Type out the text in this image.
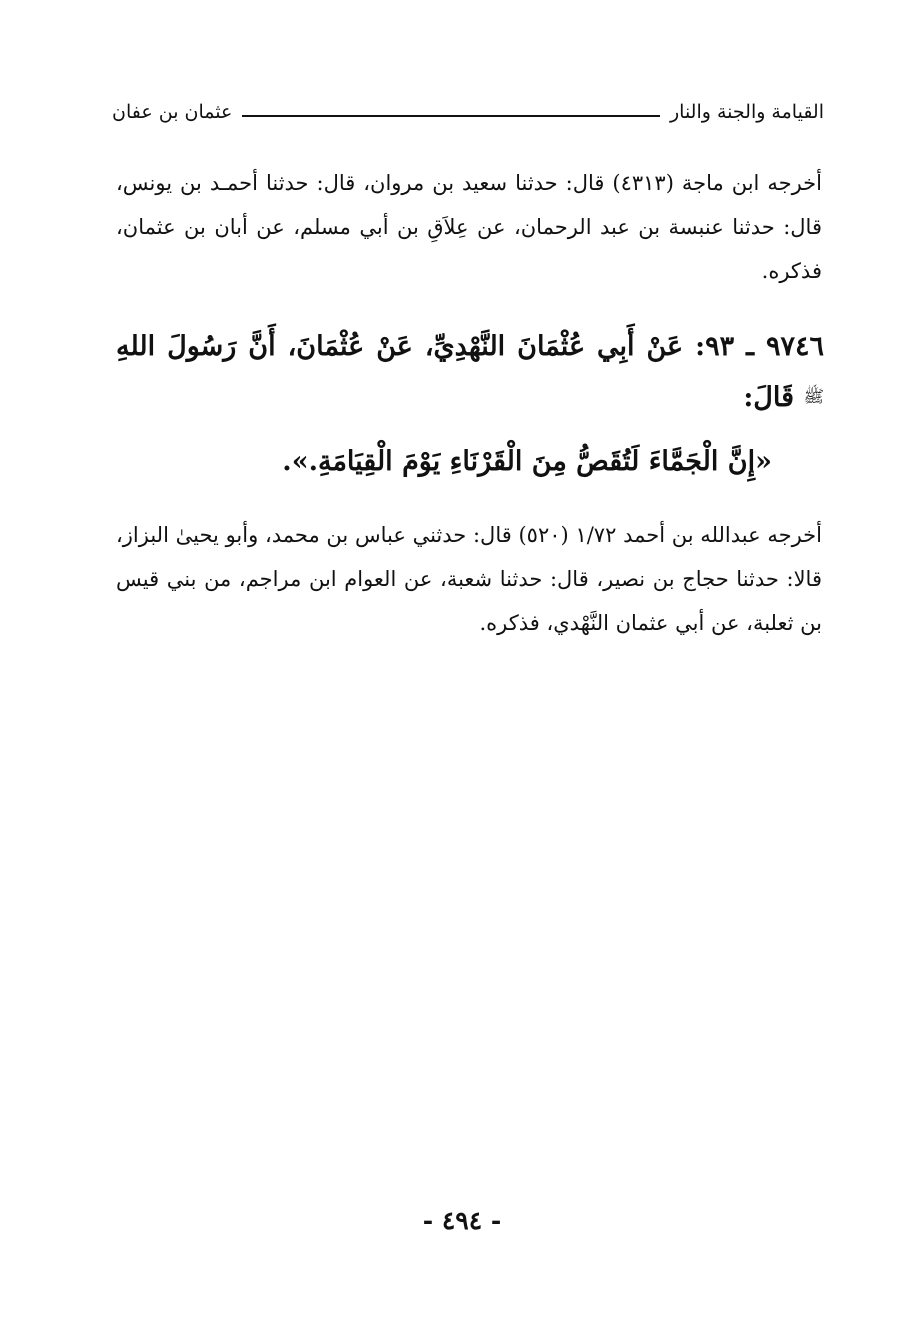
القيامة والجنة والنار
عثمان بن عفان

أخرجه ابن ماجة (٤٣١٣) قال: حدثنا سعيد بن مروان، قال: حدثنا أحمـد بن يونس، قال: حدثنا عنبسة بن عبد الرحمان، عن عِلاَقِ بن أبي مسلم، عن أبان بن عثمان، فذكره.

٩٧٤٦ ـ ٩٣: عَنْ أَبِي عُثْمَانَ النَّهْدِيِّ، عَنْ عُثْمَانَ، أَنَّ رَسُولَ اللهِ ﷺ قَالَ:
«إِنَّ الْجَمَّاءَ لَتُقَصُّ مِنَ الْقَرْنَاءِ يَوْمَ الْقِيَامَةِ.».

أخرجه عبدالله بن أحمد ١/٧٢ (٥٢٠) قال: حدثني عباس بن محمد، وأبو يحيىٰ البزاز، قالا: حدثنا حجاج بن نصير، قال: حدثنا شعبة، عن العوام ابن مراجم، من بني قيس بن ثعلبة، عن أبي عثمان النَّهْدي، فذكره.

- ٤٩٤ -
